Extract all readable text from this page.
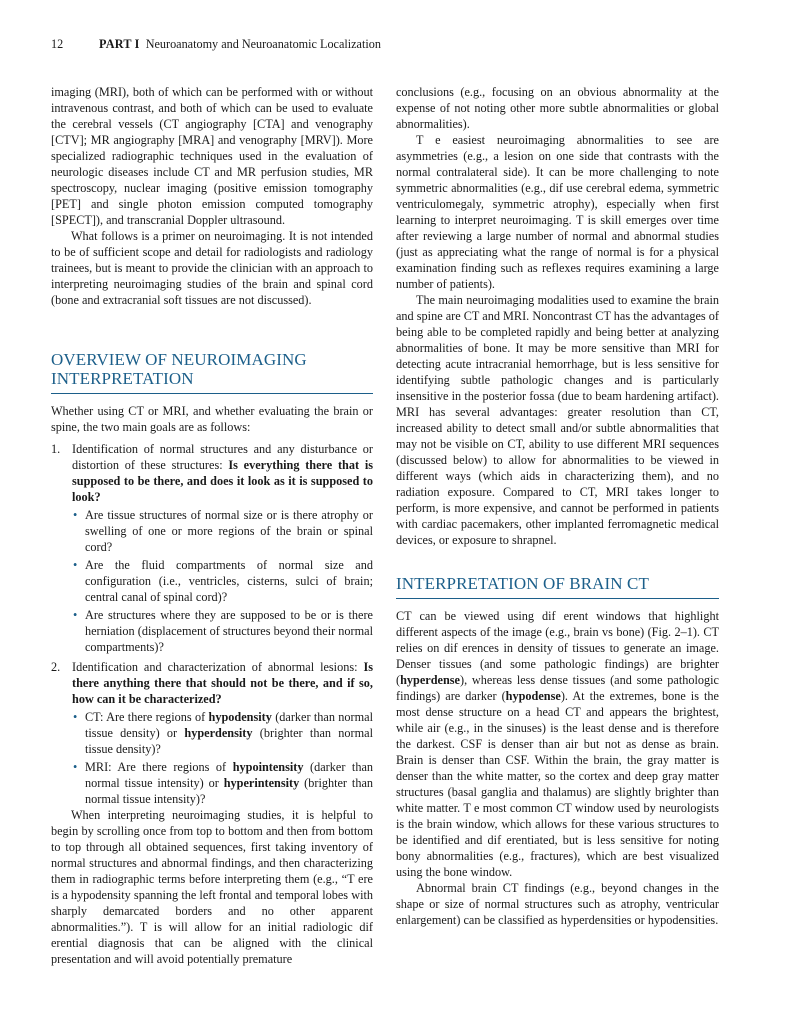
12	PART I Neuroanatomy and Neuroanatomic Localization

imaging (MRI), both of which can be performed with or without intravenous contrast, and both of which can be used to evaluate the cerebral vessels (CT angiography [CTA] and venography [CTV]; MR angiography [MRA] and venography [MRV]). More specialized radiographic techniques used in the evaluation of neurologic diseases include CT and MR perfusion studies, MR spectroscopy, nuclear imaging (positive emission tomography [PET] and single photon emission computed tomography [SPECT]), and transcranial Doppler ultrasound.

What follows is a primer on neuroimaging. It is not intended to be of sufficient scope and detail for radiologists and radiology trainees, but is meant to provide the clinician with an approach to interpreting neuroimaging studies of the brain and spinal cord (bone and extracranial soft tissues are not discussed).

OVERVIEW OF NEUROIMAGING INTERPRETATION

Whether using CT or MRI, and whether evaluating the brain or spine, the two main goals are as follows:

1. Identification of normal structures and any disturbance or distortion of these structures: Is everything there that is supposed to be there, and does it look as it is supposed to look?
• Are tissue structures of normal size or is there atrophy or swelling of one or more regions of the brain or spinal cord?
• Are the fluid compartments of normal size and configuration (i.e., ventricles, cisterns, sulci of brain; central canal of spinal cord)?
• Are structures where they are supposed to be or is there herniation (displacement of structures beyond their normal compartments)?
2. Identification and characterization of abnormal lesions: Is there anything there that should not be there, and if so, how can it be characterized?
• CT: Are there regions of hypodensity (darker than normal tissue density) or hyperdensity (brighter than normal tissue density)?
• MRI: Are there regions of hypointensity (darker than normal tissue intensity) or hyperintensity (brighter than normal tissue intensity)?

When interpreting neuroimaging studies, it is helpful to begin by scrolling once from top to bottom and then from bottom to top through all obtained sequences, first taking inventory of normal structures and abnormal findings, and then characterizing them in radiographic terms before interpreting them (e.g., “T ere is a hypodensity spanning the left frontal and temporal lobes with sharply demarcated borders and no other apparent abnormalities.”). T is will allow for an initial radiologic dif erential diagnosis that can be aligned with the clinical presentation and will avoid potentially premature

conclusions (e.g., focusing on an obvious abnormality at the expense of not noting other more subtle abnormalities or global abnormalities).

T e easiest neuroimaging abnormalities to see are asymmetries (e.g., a lesion on one side that contrasts with the normal contralateral side). It can be more challenging to note symmetric abnormalities (e.g., dif use cerebral edema, symmetric ventriculomegaly, symmetric atrophy), especially when first learning to interpret neuroimaging. T is skill emerges over time after reviewing a large number of normal and abnormal studies (just as appreciating what the range of normal is for a physical examination finding such as reflexes requires examining a large number of patients).

The main neuroimaging modalities used to examine the brain and spine are CT and MRI. Noncontrast CT has the advantages of being able to be completed rapidly and being better at analyzing abnormalities of bone. It may be more sensitive than MRI for detecting acute intracranial hemorrhage, but is less sensitive for identifying subtle pathologic changes and is particularly insensitive in the posterior fossa (due to beam hardening artifact). MRI has several advantages: greater resolution than CT, increased ability to detect small and/or subtle abnormalities that may not be visible on CT, ability to use different MRI sequences (discussed below) to allow for abnormalities to be viewed in different ways (which aids in characterizing them), and no radiation exposure. Compared to CT, MRI takes longer to perform, is more expensive, and cannot be performed in patients with cardiac pacemakers, other implanted ferromagnetic medical devices, or exposure to shrapnel.

INTERPRETATION OF BRAIN CT

CT can be viewed using dif erent windows that highlight different aspects of the image (e.g., brain vs bone) (Fig. 2–1). CT relies on dif erences in density of tissues to generate an image. Denser tissues (and some pathologic findings) are brighter (hyperdense), whereas less dense tissues (and some pathologic findings) are darker (hypodense). At the extremes, bone is the most dense structure on a head CT and appears the brightest, while air (e.g., in the sinuses) is the least dense and is therefore the darkest. CSF is denser than air but not as dense as brain. Brain is denser than CSF. Within the brain, the gray matter is denser than the white matter, so the cortex and deep gray matter structures (basal ganglia and thalamus) are slightly brighter than white matter. T e most common CT window used by neurologists is the brain window, which allows for these various structures to be identified and dif erentiated, but is less sensitive for noting bony abnormalities (e.g., fractures), which are best visualized using the bone window.

Abnormal brain CT findings (e.g., beyond changes in the shape or size of normal structures such as atrophy, ventricular enlargement) can be classified as hyperdensities or hypodensities.
